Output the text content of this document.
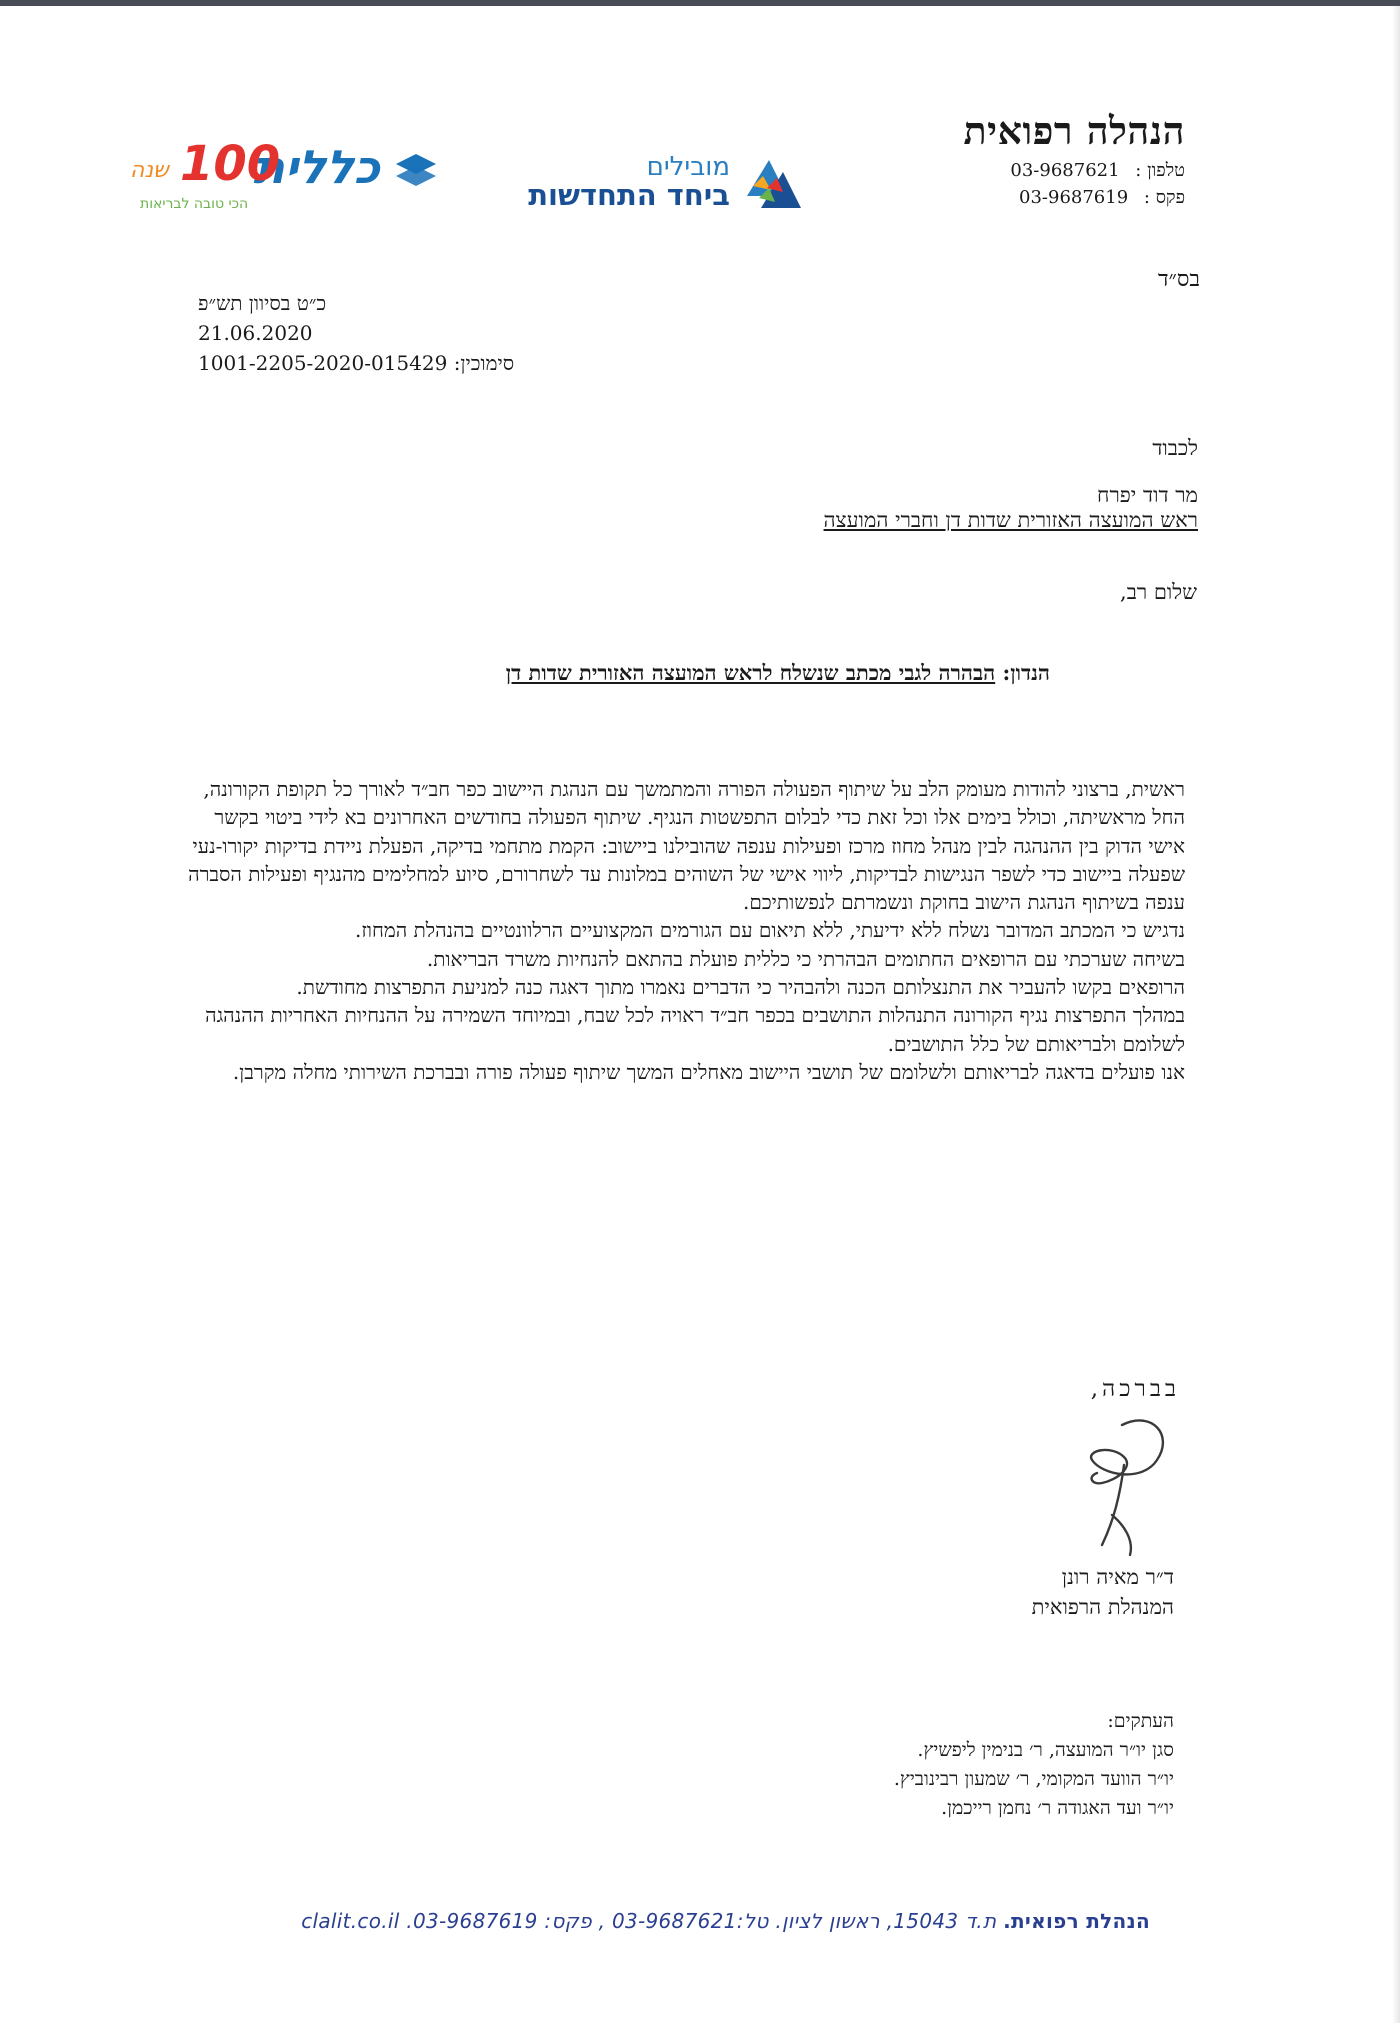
הנהלה רפואית
טלפון : 03-9687621
פקס : 03-9687619
מובילים
ביחד התחדשות
כללית
100
שנה
הכי טובה לבריאות
בס״ד
כ״ט בסיוון תש״פ
21.06.2020
סימוכין: 1001-2205-2020-015429
לכבוד
מר דוד יפרח
ראש המועצה האזורית שדות דן וחברי המועצה
שלום רב,
הנדון: הבהרה לגבי מכתב שנשלח לראש המועצה האזורית שדות דן

ראשית, ברצוני להודות מעומק הלב על שיתוף הפעולה הפורה והמתמשך עם הנהגת היישוב כפר חב״ד לאורך כל תקופת הקורונה, החל מראשיתה, וכולל בימים אלו וכל זאת כדי לבלום התפשטות הנגיף. שיתוף הפעולה בחודשים האחרונים בא לידי ביטוי בקשר אישי הדוק בין ההנהגה לבין מנהל מחוז מרכז ופעילות ענפה שהובילנו ביישוב: הקמת מתחמי בדיקה, הפעלת ניידת בדיקות יקורו-נעי שפעלה ביישוב כדי לשפר הנגישות לבדיקות, ליווי אישי של השוהים במלונות עד לשחרורם, סיוע למחלימים מהנגיף ופעילות הסברה ענפה בשיתוף הנהגת הישוב בחוקת ונשמרתם לנפשותיכם.

נדגיש כי המכתב המדובר נשלח ללא ידיעתי, ללא תיאום עם הגורמים המקצועיים הרלוונטיים בהנהלת המחוז.

בשיחה שערכתי עם הרופאים החתומים הבהרתי כי כללית פועלת בהתאם להנחיות משרד הבריאות.

הרופאים בקשו להעביר את התנצלותם הכנה ולהבהיר כי הדברים נאמרו מתוך דאגה כנה למניעת התפרצות מחודשת.

במהלך התפרצות נגיף הקורונה התנהלות התושבים בכפר חב״ד ראויה לכל שבח, ובמיוחד השמירה על ההנחיות האחריות ההנהגה לשלומם ולבריאותם של כלל התושבים.

אנו פועלים בדאגה לבריאותם ולשלומם של תושבי היישוב מאחלים המשך שיתוף פעולה פורה ובברכת השירותי מחלה מקרבן.

בברכה,
ד״ר מאיה רונן
המנהלת הרפואית
העתקים:
סגן יו״ר המועצה, ר׳ בנימין ליפשיץ.
יו״ר הוועד המקומי, ר׳ שמעון רבינוביץ.
יו״ר ועד האגודה ר׳ נחמן רייכמן.
הנהלת רפואית. ת.ד 15043, ראשון לציון. טל:03-9687621 , פקס: 03-9687619. clalit.co.il
